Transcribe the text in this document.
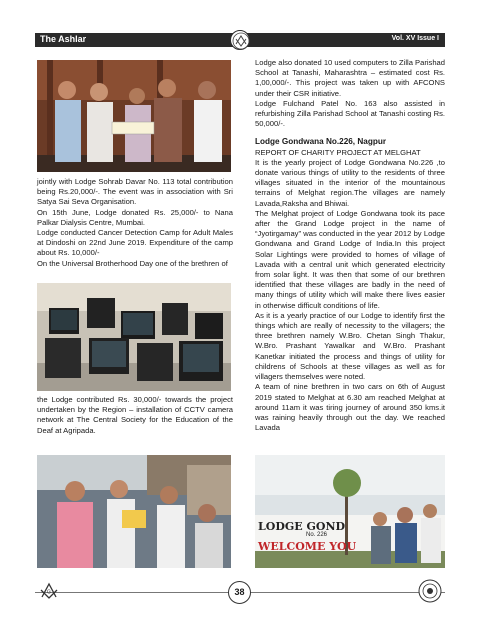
The Ashlar	Vol. XV Issue I

jointly with Lodge Sohrab Davar No. 113 total contribution being Rs.20,000/-. The event was in association with Sri Satya Sai Seva Organisation.

On 15th June, Lodge donated Rs. 25,000/- to Nana Palkar Dialysis Centre, Mumbai.

Lodge conducted Cancer Detection Camp for Adult Males at Dindoshi on 22nd June 2019. Expenditure of the camp about Rs. 10,000/-

On the Universal Brotherhood Day one of the brethren of

the Lodge contributed Rs. 30,000/- towards the project undertaken by the Region – installation of CCTV camera network at The Central Society for the Education of the Deaf at Agripada.

Lodge also donated 10 used computers to Zilla Parishad School at Tanashi, Maharashtra – estimated cost Rs. 1,00,000/-. This project was taken up with AFCONS under their CSR initiative.

Lodge Fulchand Patel No. 163 also assisted in refurbishing Zilla Parishad School at Tanashi costing Rs. 50,000/-.

Lodge Gondwana No.226, Nagpur

REPORT OF CHARITY PROJECT AT MELGHAT

It is the yearly project of Lodge Gondwana No.226 ,to donate various things of utility to the residents of three villages situated in the interior of the mountainous terrains of Melghat region.The villages are namely Lavada,Raksha and Bhiwai.

The Melghat project of Lodge Gondwana took its pace after the Grand Lodge project in the name of “Jyotirgamay” was conducted in the year 2012 by Lodge Gondwana and Grand Lodge of India.In this project Solar Lightings were provided to homes of village of Lavada with a central unit which generated electricity from solar light. It was then that some of our brethren identified that these villages are badly in the need of many things of utility which will make there lives easier in otherwise difficult conditions of life.

As it is a yearly practice of our Lodge to identify first the things which are really of necessity to the villagers; the three brethren namely W.Bro. Chetan Singh Thakur, W.Bro. Prashant Yawalkar and W.Bro. Prashant Kanetkar initiated the process and things of utility for childrens of Schools at these villages as well as for villagers themselves were noted.

A team of nine brethren in two cars on 6th of August 2019 stated to Melghat at 6.30 am reached Melghat at around 11am it was tiring journey of around 350 kms.it was raining heavily through out the day. We reached Lavada

LODGE GOND
No. 226
WELCOME YOU
G	38
